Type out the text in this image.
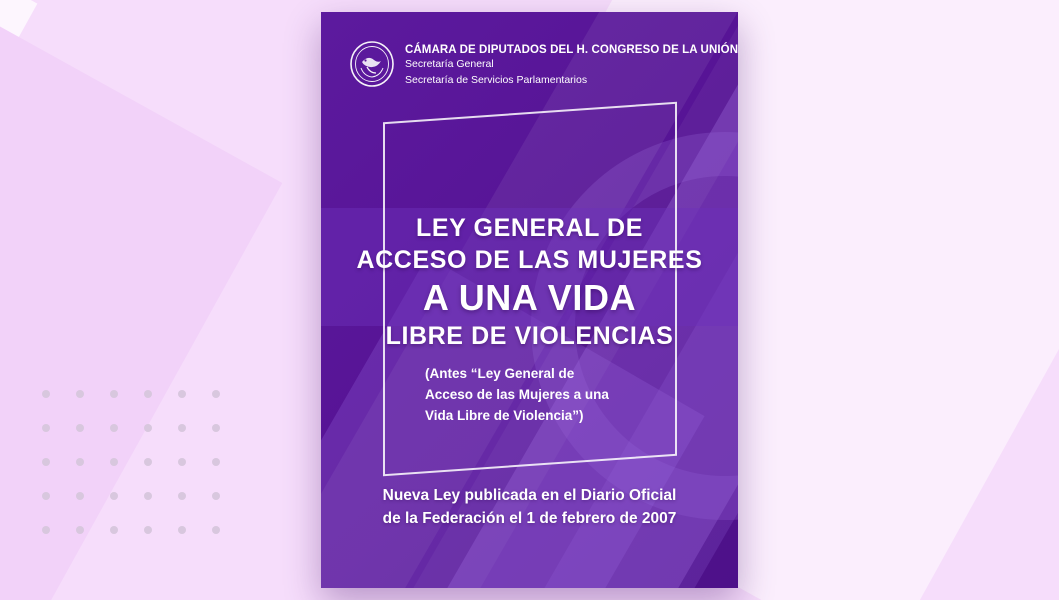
CÁMARA DE DIPUTADOS DEL H. CONGRESO DE LA UNIÓN
Secretaría General
Secretaría de Servicios Parlamentarios
LEY GENERAL DE
ACCESO DE LAS MUJERES
A UNA VIDA
LIBRE DE VIOLENCIAS
(Antes “Ley General de
Acceso de las Mujeres a una
Vida Libre de Violencia”)
Nueva Ley publicada en el Diario Oficial
de la Federación el 1 de febrero de 2007
